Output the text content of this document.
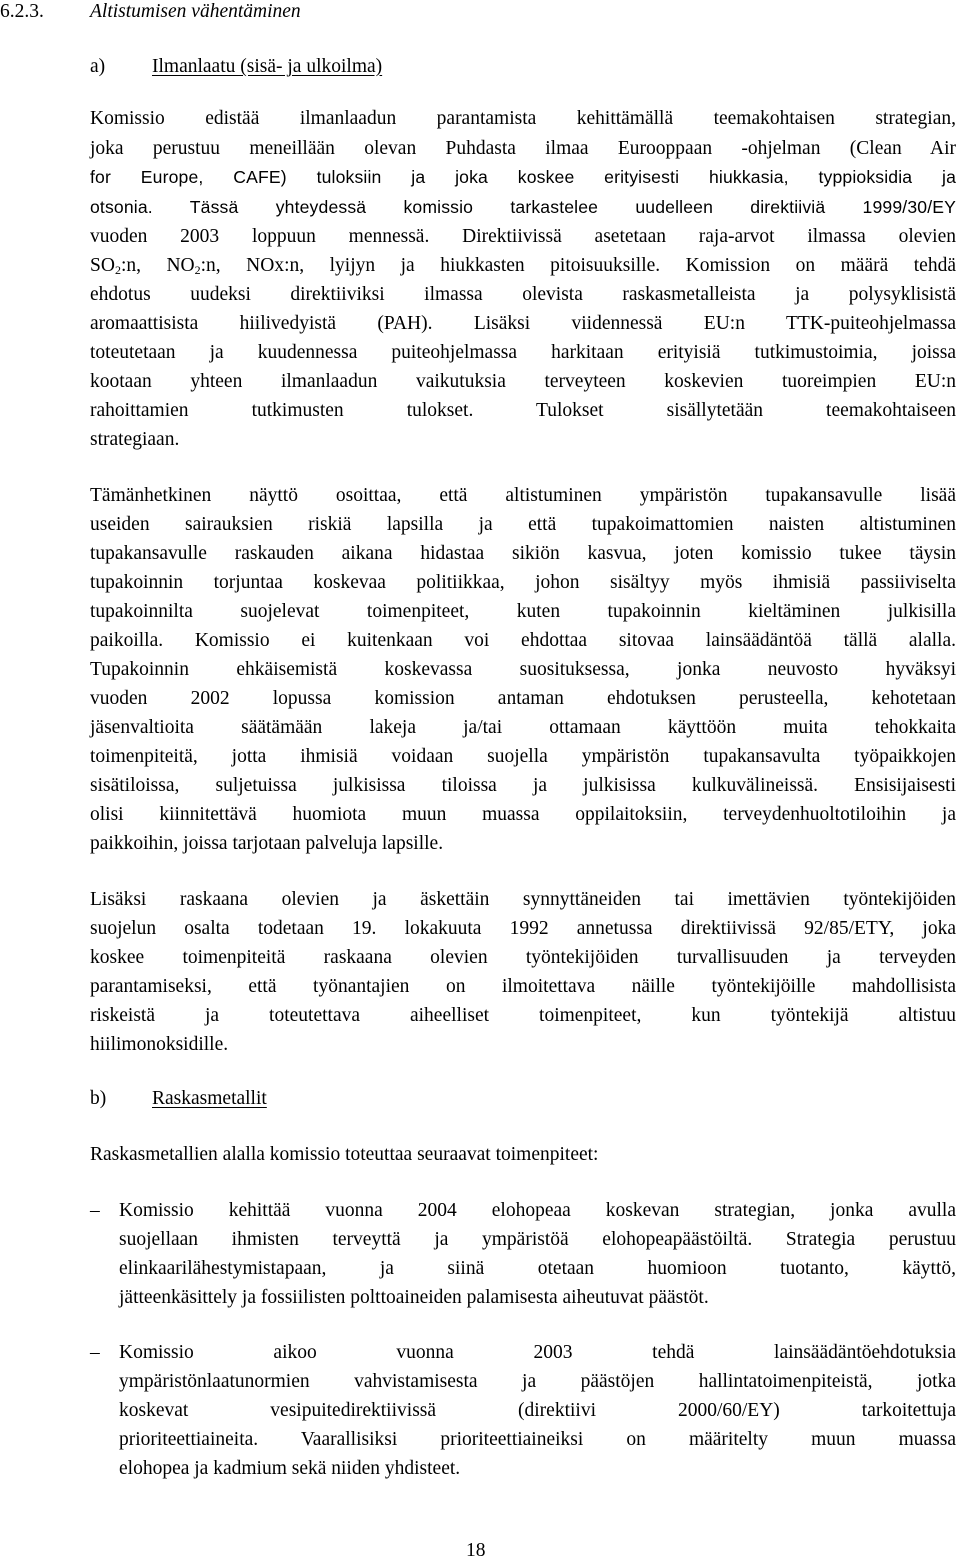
6.2.3. Altistumisen vähentäminen
a) Ilmanlaatu (sisä- ja ulkoilma)
Komissio edistää ilmanlaadun parantamista kehittämällä teemakohtaisen strategian,
joka perustuu meneillään olevan Puhdasta ilmaa Eurooppaan -ohjelman (Clean Air
for Europe, CAFE) tuloksiin ja joka koskee erityisesti hiukkasia, typpioksidia ja
otsonia. Tässä yhteydessä komissio tarkastelee uudelleen direktiiviä 1999/30/EY
vuoden 2003 loppuun mennessä. Direktiivissä asetetaan raja-arvot ilmassa olevien
$SO_2:n$, $NO_2:n$, NOx:n, lyijyn ja hiukkasten pitoisuuksille. Komission on määrä tehdä
ehdotus uudeksi direktiiviksi ilmassa olevista raskasmetalleista ja polysyklisistä
aromaattisista hiilivedyistä (PAH). Lisäksi viidennessä EU:n TTK-puiteohjelmassa
toteutetaan ja kuudennessa puiteohjelmassa harkitaan erityisiä tutkimustoimia, joissa
kootaan yhteen ilmanlaadun vaikutuksia terveyteen koskevien tuoreimpien EU:n
rahoittamien tutkimusten tulokset. Tulokset sisällytetään teemakohtaiseen
strategiaan.
Tämänhetkinen näyttö osoittaa, että altistuminen ympäristön tupakansavulle lisää
useiden sairauksien riskiä lapsilla ja että tupakoimattomien naisten altistuminen
tupakansavulle raskauden aikana hidastaa sikiön kasvua, joten komissio tukee täysin
tupakoinnin torjuntaa koskevaa politiikkaa, johon sisältyy myös ihmisiä passiiviselta
tupakoinnilta suojelevat toimenpiteet, kuten tupakoinnin kieltäminen julkisilla
paikoilla. Komissio ei kuitenkaan voi ehdottaa sitovaa lainsäädäntöä tällä alalla.
Tupakoinnin ehkäisemistä koskevassa suosituksessa, jonka neuvosto hyväksyi
vuoden 2002 lopussa komission antaman ehdotuksen perusteella, kehotetaan
jäsenvaltioita säätämään lakeja ja/tai ottamaan käyttöön muita tehokkaita
toimenpiteitä, jotta ihmisiä voidaan suojella ympäristön tupakansavulta työpaikkojen
sisätiloissa, suljetuissa julkisissa tiloissa ja julkisissa kulkuvälineissä. Ensisijaisesti
olisi kiinnitettävä huomiota muun muassa oppilaitoksiin, terveydenhuoltotiloihin ja
paikkoihin, joissa tarjotaan palveluja lapsille.
Lisäksi raskaana olevien ja äskettäin synnyttäneiden tai imettävien työntekijöiden
suojelun osalta todetaan 19. lokakuuta 1992 annetussa direktiivissä 92/85/ETY, joka
koskee toimenpiteitä raskaana olevien työntekijöiden turvallisuuden ja terveyden
parantamiseksi, että työnantajien on ilmoitettava näille työntekijöille mahdollisista
riskeistä ja toteutettava aiheelliset toimenpiteet, kun työntekijä altistuu
hiilimonoksidille.
b) Raskasmetallit
Raskasmetallien alalla komissio toteuttaa seuraavat toimenpiteet:
– Komissio kehittää vuonna 2004 elohopeaa koskevan strategian, jonka avulla
suojellaan ihmisten terveyttä ja ympäristöä elohopeapäästöiltä. Strategia perustuu
elinkaarilähestymistapaan, ja siinä otetaan huomioon tuotanto, käyttö,
jätteenkäsittely ja fossiilisten polttoaineiden palamisesta aiheutuvat päästöt.
– Komissio aikoo vuonna 2003 tehdä lainsäädäntöehdotuksia
ympäristönlaatunormien vahvistamisesta ja päästöjen hallintatoimenpiteistä, jotka
koskevat vesipuitedirektiivissä (direktiivi 2000/60/EY) tarkoitettuja
prioriteettiaineita. Vaarallisiksi prioriteettiaineiksi on määritelty muun muassa
elohopea ja kadmium sekä niiden yhdisteet.
18
